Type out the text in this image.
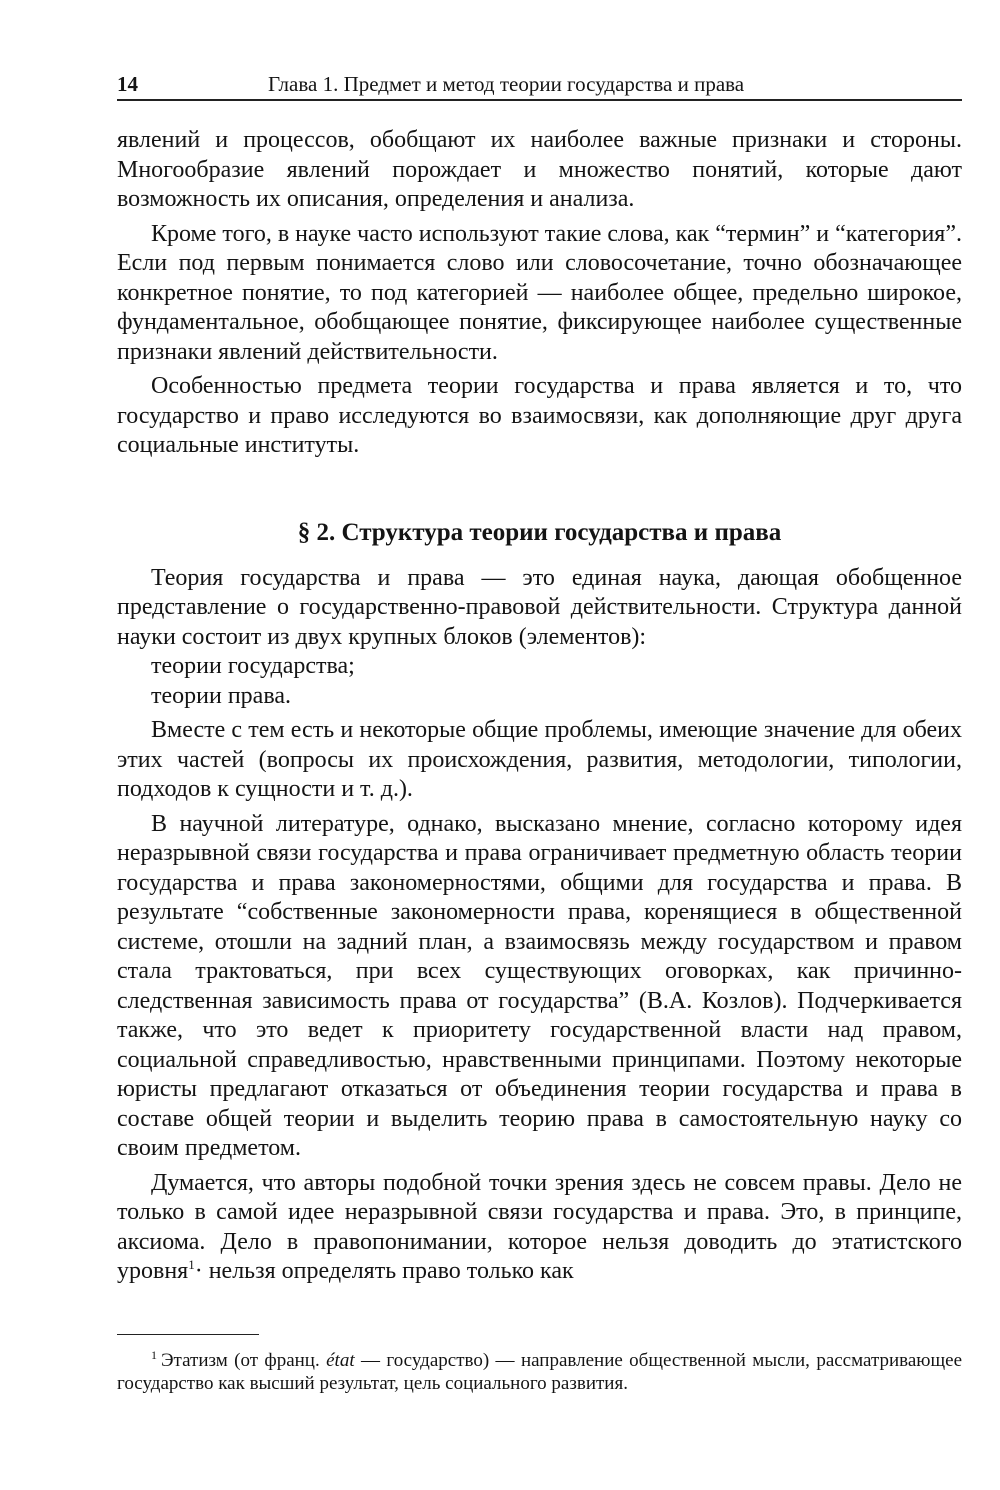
14	Глава 1. Предмет и метод теории государства и права

явлений и процессов, обобщают их наиболее важные признаки и стороны. Многообразие явлений порождает и множество понятий, которые дают возможность их описания, определения и анализа.

Кроме того, в науке часто используют такие слова, как “термин” и “категория”. Если под первым понимается слово или словосочетание, точно обозначающее конкретное понятие, то под категорией — наиболее общее, предельно широкое, фундаментальное, обобщающее понятие, фиксирующее наиболее существенные признаки явлений действительности.

Особенностью предмета теории государства и права является и то, что государство и право исследуются во взаимосвязи, как дополняющие друг друга социальные институты.

§ 2. Структура теории государства и права

Теория государства и права — это единая наука, дающая обобщенное представление о государственно-правовой действительности. Структура данной науки состоит из двух крупных блоков (элементов):

теории государства;

теории права.

Вместе с тем есть и некоторые общие проблемы, имеющие значение для обеих этих частей (вопросы их происхождения, развития, методологии, типологии, подходов к сущности и т. д.).

В научной литературе, однако, высказано мнение, согласно которому идея неразрывной связи государства и права ограничивает предметную область теории государства и права закономерностями, общими для государства и права. В результате “собственные закономерности права, коренящиеся в общественной системе, отошли на задний план, а взаимосвязь между государством и правом стала трактоваться, при всех существующих оговорках, как причинно-следственная зависимость права от государства” (В.А. Козлов). Подчеркивается также, что это ведет к приоритету государственной власти над правом, социальной справедливостью, нравственными принципами. Поэтому некоторые юристы предлагают отказаться от объединения теории государства и права в составе общей теории и выделить теорию права в самостоятельную науку со своим предметом.

Думается, что авторы подобной точки зрения здесь не совсем правы. Дело не только в самой идее неразрывной связи государства и права. Это, в принципе, аксиома. Дело в правопонимании, которое нельзя доводить до этатистского уровня$^1$· нельзя определять право только как

$^1$ Этатизм (от франц. état — государство) — направление общественной мысли, рассматривающее государство как высший результат, цель социального развития.
